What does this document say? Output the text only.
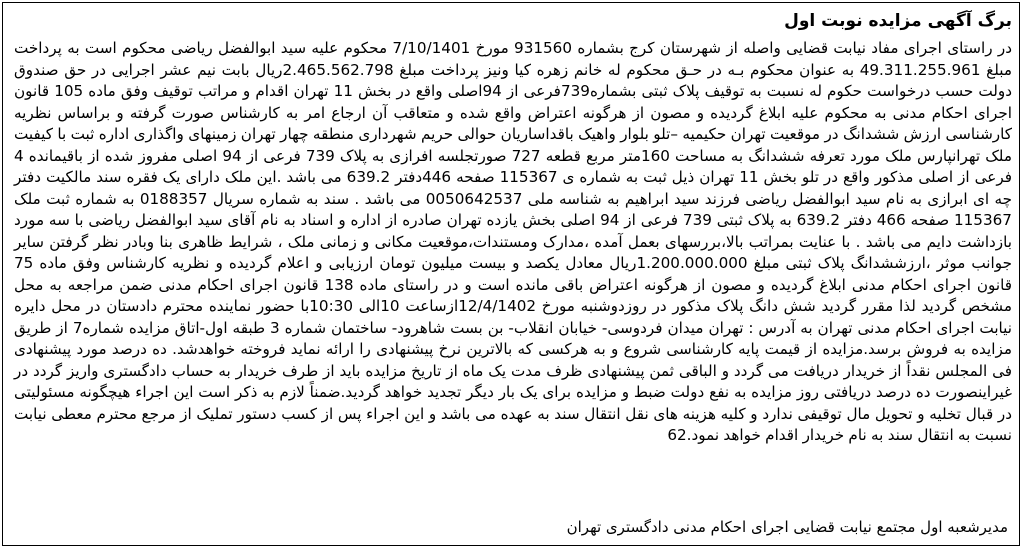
برگ آگهی مزایده نوبت اول

در راستای اجرای مفاد نیابت قضایی واصله از شهرستان کرج بشماره 931560 مورخ 7/10/1401 محکوم علیه سید ابوالفضل ریاضی محکوم است به پرداخت مبلغ 49.311.255.961 به عنوان محکوم بـه در حـق محکوم له خانم زهره کیا ونیز پرداخت مبلغ 2.465.562.798ریال بابت نیم عشر اجرایی در حق صندوق دولت حسب درخواست حکوم له نسبت به توقیف پلاک ثبتی بشماره739فرعی از 94اصلی واقع در بخش 11 تهران اقدام و مراتب توقیف وفق ماده 105 قانون اجرای احکام مدنی به محکوم علیه ابلاغ گردیده و مصون از هرگونه اعتراض واقع شده و متعاقب آن ارجاع امر به کارشناس صورت گرفته و براساس نظریه کارشناسی ارزش ششدانگ در موقعیت تهران حکیمیه –تلو بلوار واهیک باقداساریان حوالی حریم شهرداری منطقه چهار تهران زمینهای واگذاری اداره ثبت با کیفیت ملک تهرانپارس ملک مورد تعرفه ششدانگ به مساحت 160متر مربع قطعه 727 صورتجلسه افرازی به پلاک 739 فرعی از 94 اصلی مفروز شده از باقیمانده 4 فرعی از اصلی مذکور واقع در تلو بخش 11 تهران ذیل ثبت به شماره ی 115367 صفحه 446دفتر 639.2 می باشد .این ملک دارای یک فقره سند مالکیت دفتر چه ای ابرازی به نام سید ابوالفضل ریاضی فرزند سید ابراهیم به شناسه ملی 0050642537 می باشد . سند به شماره سریال 0188357 به شماره ثبت ملک 115367 صفحه 466 دفتر 639.2 به پلاک ثبتی 739 فرعی از 94 اصلی بخش یازده تهران صادره از اداره و اسناد به نام آقای سید ابوالفضل ریاضی با سه مورد بازداشت دایم می باشد . با عنایت بمراتب بالا،بررسهای بعمل آمده ،مدارک ومستندات،موقعیت مکانی و زمانی ملک ، شرایط ظاهری بنا وبادر نظر گرفتن سایر جوانب موثر ،ارزششدانگ پلاک ثبتی مبلغ 1.200.000.000ریال معادل یکصد و بیست میلیون تومان ارزیابی و اعلام گردیده و نظریه کارشناس وفق ماده 75 قانون اجرای احکام مدنی ابلاغ گردیده و مصون از هرگونه اعتراض باقی مانده است و در راستای ماده 138 قانون اجرای احکام مدنی ضمن مراجعه به محل مشخص گردید لذا مقرر گردید شش دانگ پلاک مذکور در روزدوشنبه مورخ 12/4/1402ازساعت 10الی 10:30با حضور نماینده محترم دادستان در محل دایره نیابت اجرای احکام مدنی تهران به آدرس : تهران میدان فردوسی- خیابان انقلاب- بن بست شاهرود- ساختمان شماره 3 طبقه اول-اتاق مزایده شماره7 از طریق مزایده به فروش برسد.مزایده از قیمت پایه کارشناسی شروع و به هرکسی که بالاترین نرخ پیشنهادی را ارائه نماید فروخته خواهدشد. ده درصد مورد پیشنهادی فی المجلس نقداً از خریدار دریافت می گردد و الباقی ثمن پیشنهادی ظرف مدت یک ماه از تاریخ مزایده باید از طرف خریدار به حساب دادگستری واریز گردد در غیراینصورت ده درصد دریافتی روز مزایده به نفع دولت ضبط و مزایده برای یک بار دیگر تجدید خواهد گردید.ضمناً لازم به ذکر است این اجراء هیچگونه مسئولیتی در قبال تخلیه و تحویل مال توقیفی ندارد و کلیه هزینه های نقل انتقال سند به عهده می باشد و این اجراء پس از کسب دستور تملیک از مرجع محترم معطی نیابت نسبت به انتقال سند به نام خریدار اقدام خواهد نمود.62

مدیرشعبه اول مجتمع نیابت قضایی اجرای احکام مدنی دادگستری تهران
